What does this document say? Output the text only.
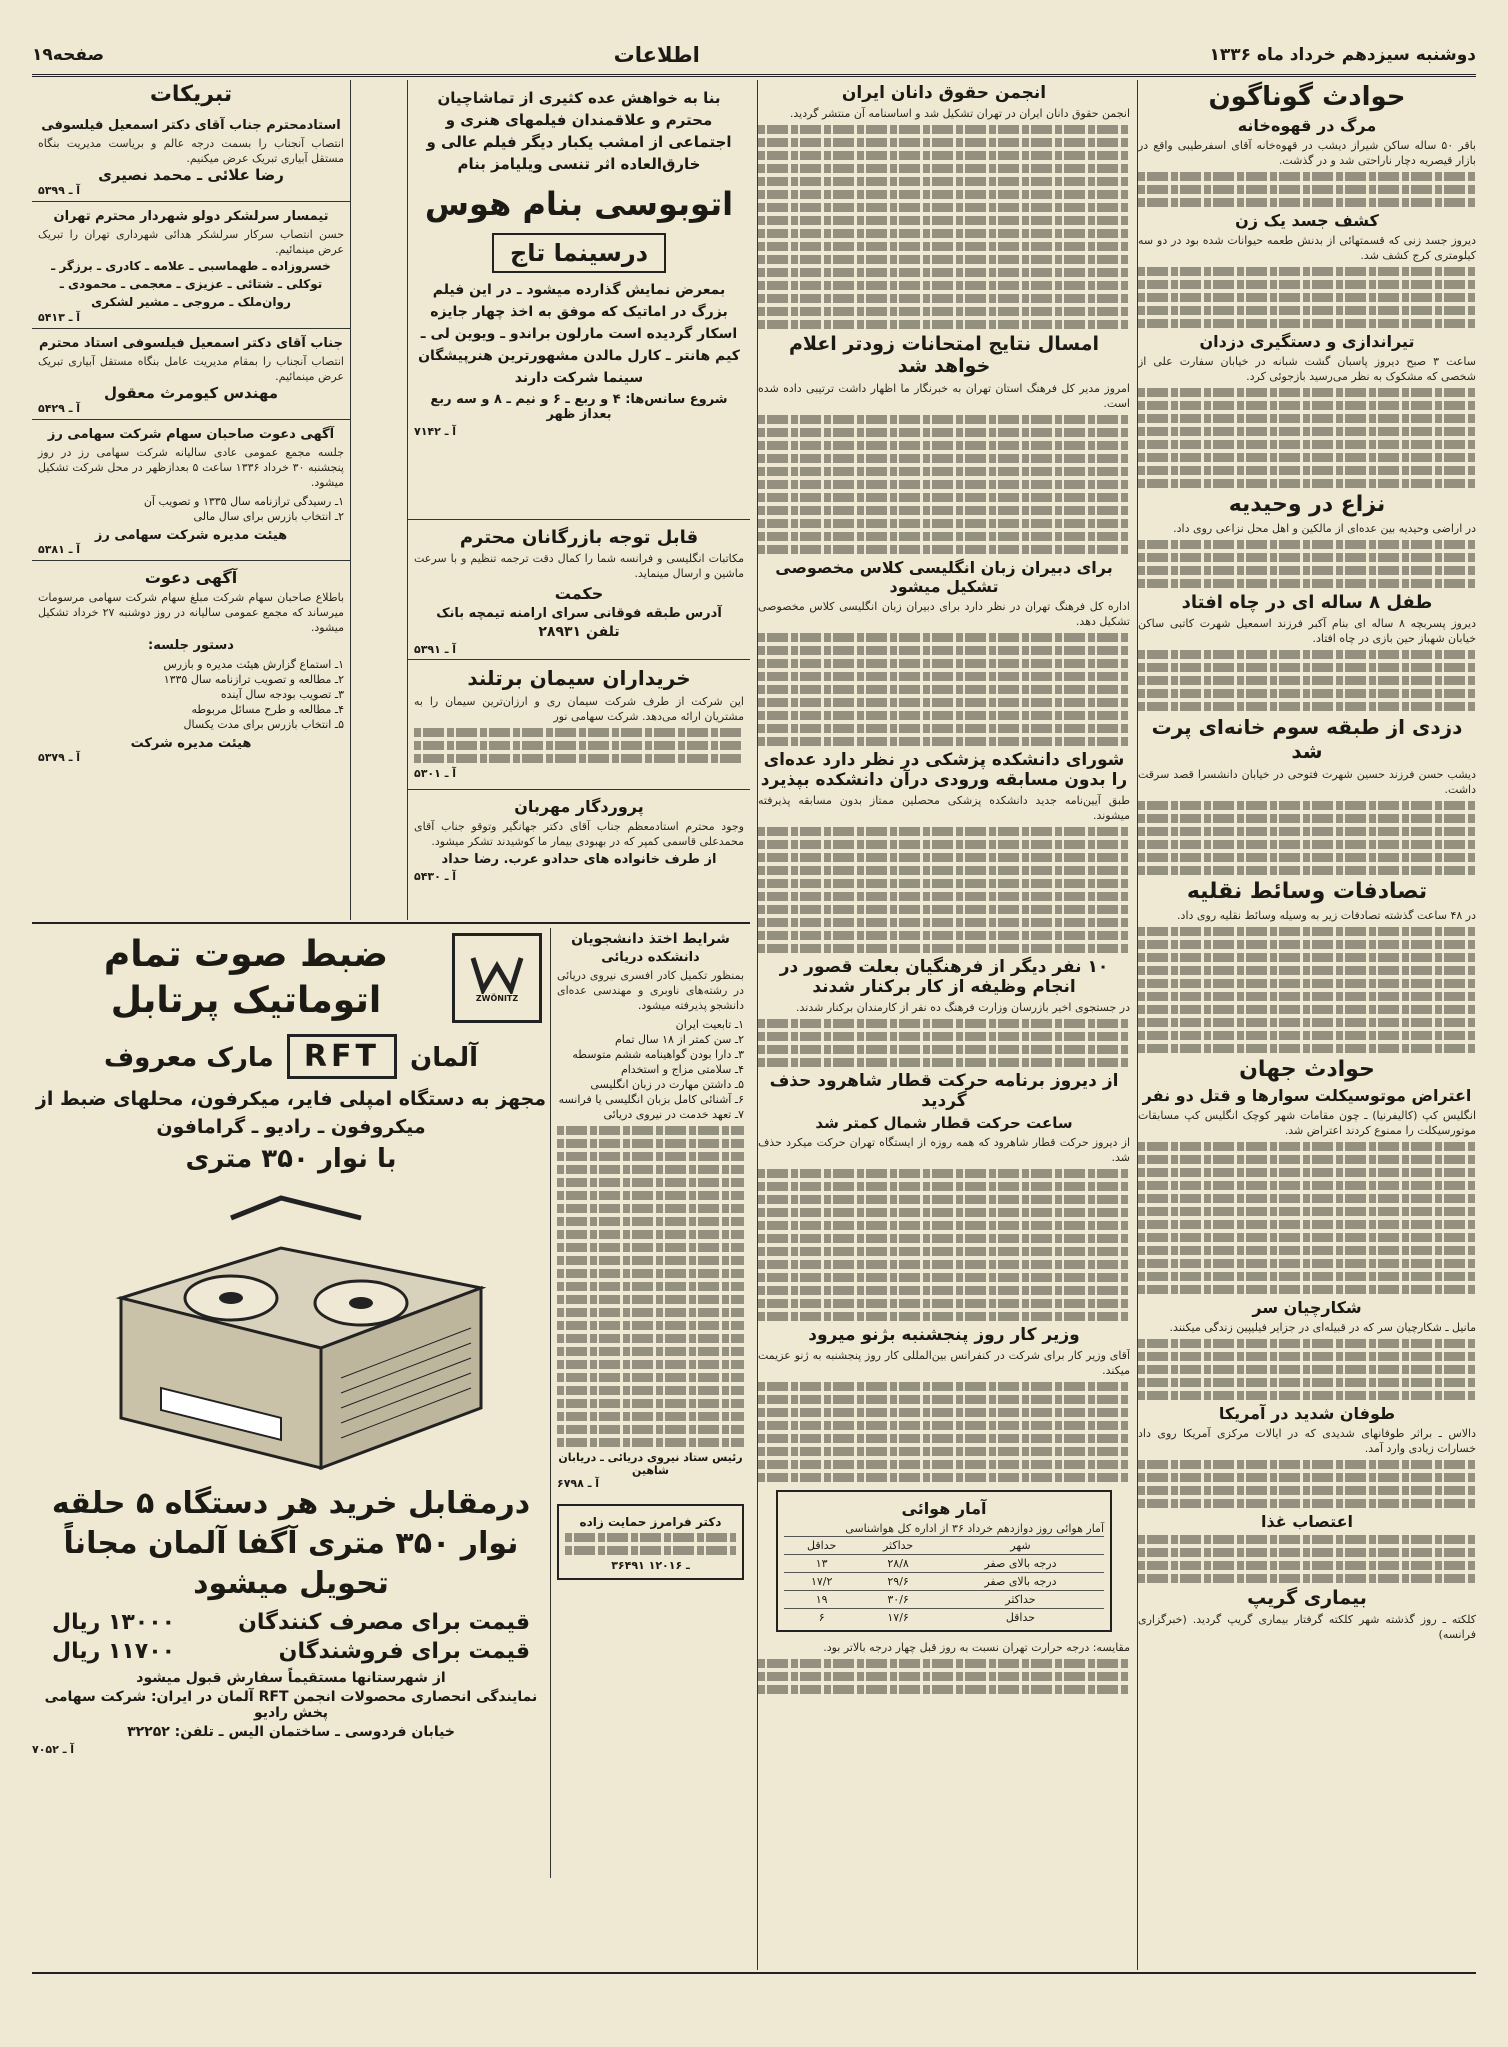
صفحه۱۹	اطلاعات	دوشنبه سیزدهم خرداد ماه ۱۳۳۶
حوادث گوناگون
مرگ در قهوه‌خانه
باقر ۵۰ ساله ساکن شیراز دیشب در قهوه‌خانه آقای اسفرطیبی واقع در بازار قیصریه دچار ناراحتی شد و در گذشت.
کشف جسد یک زن
دیروز جسد زنی که قسمتهائی از بدنش طعمه حیوانات شده بود در دو سه کیلومتری کرج کشف شد.
تیراندازی و دستگیری دزدان
ساعت ۳ صبح دیروز پاسبان گشت شبانه در خیابان سفارت علی از شخصی که مشکوک به نظر می‌رسید بازجوئی کرد.
نزاع در وحیدیه
در اراضی وحیدیه بین عده‌ای از مالکین و اهل محل نزاعی روی داد.
طفل ۸ ساله ای در چاه افتاد
دیروز پسربچه ۸ ساله ای بنام آکبر فرزند اسمعیل شهرت کاتبی ساکن خیابان شهباز حین بازی در چاه افتاد.
دزدی از طبقه سوم خانه‌ای پرت شد
دیشب حسن فرزند حسین شهرت فتوحی در خیابان دانشسرا قصد سرقت داشت.
تصادفات وسائط نقلیه
در ۴۸ ساعت گذشته تصادفات زیر به وسیله وسائط نقلیه روی داد.
حوادث جهان
اعتراض موتوسیکلت سوارها و قتل دو نفر
انگلیس کپ (کالیفرنیا) ـ چون مقامات شهر کوچک انگلیس کپ مسابقات موتورسیکلت را ممنوع کردند اعتراض شد.
شکارچیان سر
مانیل ـ شکارچیان سر که در قبیله‌ای در جزایر فیلیپین زندگی میکنند.
طوفان شدید در آمریکا
دالاس ـ براثر طوفانهای شدیدی که در ایالات مرکزی آمریکا روی داد خسارات زیادی وارد آمد.
اعتصاب غذا
بیماری گریپ
کلکته ـ روز گذشته شهر کلکته گرفتار بیماری گریپ گردید. (خبرگزاری فرانسه)
انجمن حقوق دانان ایران
انجمن حقوق دانان ایران در تهران تشکیل شد و اساسنامه آن منتشر گردید.
امسال نتایج امتحانات زودتر اعلام خواهد شد
امروز مدیر کل فرهنگ استان تهران به خبرنگار ما اظهار داشت ترتیبی داده شده است.
برای دبیران زبان انگلیسی کلاس مخصوصی تشکیل میشود
اداره کل فرهنگ تهران در نظر دارد برای دبیران زبان انگلیسی کلاس مخصوصی تشکیل دهد.
شورای دانشکده پزشکی در نظر دارد عده‌ای را بدون مسابقه ورودی درآن دانشکده بپذیرد
طبق آیین‌نامه جدید دانشکده پزشکی محصلین ممتاز بدون مسابقه پذیرفته میشوند.
۱۰ نفر دیگر از فرهنگیان بعلت قصور در انجام وظیفه از کار برکنار شدند
در جستجوی اخیر بازرسان وزارت فرهنگ ده نفر از کارمندان برکنار شدند.
از دیروز برنامه حرکت قطار شاهرود حذف گردید
ساعت حرکت قطار شمال کمتر شد
از دیروز حرکت قطار شاهرود که همه روزه از ایستگاه تهران حرکت میکرد حذف شد.
وزیر کار روز پنجشنبه بژنو میرود
آقای وزیر کار برای شرکت در کنفرانس بین‌المللی کار روز پنجشنبه به ژنو عزیمت میکند.
آمار هوائی
آمار هوائی روز دوازدهم خرداد ۳۶ از اداره کل هواشناسی
شهر	حداکثر	حداقل
درجه بالای صفر	۲۸/۸	۱۳
درجه بالای صفر	۲۹/۶	۱۷/۲
حداکثر	۳۰/۶	۱۹
حداقل	۱۷/۶	۶
مقایسه: درجه حرارت تهران نسبت به روز قبل چهار درجه بالاتر بود.
بنا به خواهش عده کثیری از تماشاچیان محترم و علاقمندان فیلمهای هنری و اجتماعی از امشب یکبار دیگر فیلم عالی و خارق‌العاده اثر تنسی ویلیامز بنام
اتوبوسی بنام هوس
درسینما تاج
بمعرض نمایش گذارده میشود ـ در این فیلم بزرگ در اماتیک که موفق به اخذ چهار جایزه اسکار گردیده است مارلون براندو ـ ویوین لی ـ کیم هانتر ـ کارل مالدن مشهورترین هنرپیشگان سینما شرکت دارند
شروع سانس‌ها: ۴ و ربع ـ ۶ و نیم ـ ۸ و سه ربع بعداز ظهر
آ ـ ۷۱۴۲
قابل توجه بازرگانان محترم
مکاتبات انگلیسی و فرانسه شما را کمال دقت ترجمه تنظیم و با سرعت ماشین و ارسال مینماید.
حکمت
آدرس طبقه فوقانی سرای ارامنه تیمچه بانک
تلفن ۲۸۹۳۱
آ ـ ۵۳۹۱
خریداران سیمان برتلند
این شرکت از طرف شرکت سیمان ری و ارزان‌ترین سیمان را به مشتریان ارائه می‌دهد. شرکت سهامی نور
آ ـ ۵۳۰۱
پروردگار مهربان
وجود محترم استادمعظم جناب آقای دکتر جهانگیر وتوقو جناب آقای محمدعلی قاسمی کمپر که در بهبودی بیمار ما کوشیدند تشکر میشود.
از طرف خانواده های حدادو عرب. رضا حداد
آ ـ ۵۴۳۰
تبریکات
استادمحترم جناب آقای دکتر اسمعیل فیلسوفی
انتصاب آنجناب را بسمت درجه عالم و بریاست مدیریت بنگاه مستقل آبیاری تبریک عرض میکنیم.
رضا علائی ـ محمد نصیری
آ ـ ۵۳۹۹
تیمسار سرلشکر دولو شهردار محترم تهران
حسن انتصاب سرکار سرلشکر هدائی شهرداری تهران را تبریک عرض مینمائیم.
خسروزاده ـ طهماسبی ـ علامه ـ کادری ـ برزگر ـ توکلی ـ شتائی ـ عزیزی ـ معجمی ـ محمودی ـ روان‌ملک ـ مروجی ـ مشیر لشکری
آ ـ ۵۴۱۳
جناب آقای دکتر اسمعیل فیلسوفی استاد محترم
انتصاب آنجناب را بمقام مدیریت عامل بنگاه مستقل آبیاری تبریک عرض مینمائیم.
مهندس کیومرث معقول
آ ـ ۵۴۲۹
آگهی دعوت صاحبان سهام شرکت سهامی رز
جلسه مجمع عمومی عادی سالیانه شرکت سهامی رز در روز پنجشنبه ۳۰ خرداد ۱۳۳۶ ساعت ۵ بعدازظهر در محل شرکت تشکیل میشود.
۱ـ رسیدگی ترازنامه سال ۱۳۳۵ و تصویب آن
۲ـ انتخاب بازرس برای سال مالی
هیئت مدیره شرکت سهامی رز
آ ـ ۵۳۸۱
آگهی دعوت
باطلاع صاحبان سهام شرکت مبلغ سهام شرکت سهامی مرسومات میرساند که مجمع عمومی سالیانه در روز دوشنبه ۲۷ خرداد تشکیل میشود.
دستور جلسه:
۱ـ استماع گزارش هیئت مدیره و بازرس
۲ـ مطالعه و تصویب ترازنامه سال ۱۳۳۵
۳ـ تصویب بودجه سال آینده
۴ـ مطالعه و طرح مسائل مربوطه
۵ـ انتخاب بازرس برای مدت یکسال
هیئت مدیره شرکت
آ ـ ۵۳۷۹
شرایط اختذ دانشجویان
دانشکده دریائی
بمنظور تکمیل کادر افسری نیروی دریائی در رشته‌های ناوبری و مهندسی عده‌ای دانشجو پذیرفته میشود.
۱ـ تابعیت ایران
۲ـ سن کمتر از ۱۸ سال تمام
۳ـ دارا بودن گواهینامه ششم متوسطه
۴ـ سلامتی مزاج و استخدام
۵ـ داشتن مهارت در زبان انگلیسی
۶ـ آشنائی کامل بزبان انگلیسی یا فرانسه
۷ـ تعهد خدمت در نیروی دریائی
رئیس ستاد نیروی دریائی ـ دریابان شاهین
آ ـ ۶۷۹۸
دکتر فرامرز حمایت زاده
۳۶۴۹۱ ـ ۱۲۰۱۶
ZWÖNITZ
ضبط صوت تمام اتوماتیک پرتابل
آلمان RFT مارک معروف
مجهز به دستگاه امپلی فایر، میکرفون، محلهای ضبط از میکروفون ـ رادیو ـ گرامافون
با نوار ۳۵۰ متری
درمقابل خرید هر دستگاه ۵ حلقه نوار ۳۵۰ متری آگفا آلمان مجاناً تحویل میشود
قیمت برای مصرف کنندگان
۱۳۰۰۰ ریال
قیمت برای فروشندگان
۱۱۷۰۰ ریال
از شهرستانها مستقیماً سفارش قبول میشود
نمایندگی انحصاری محصولات انجمن RFT آلمان در ایران: شرکت سهامی پخش رادیو
خیابان فردوسی ـ ساختمان الیس ـ تلفن: ۳۲۲۵۲
آ ـ ۷۰۵۲
